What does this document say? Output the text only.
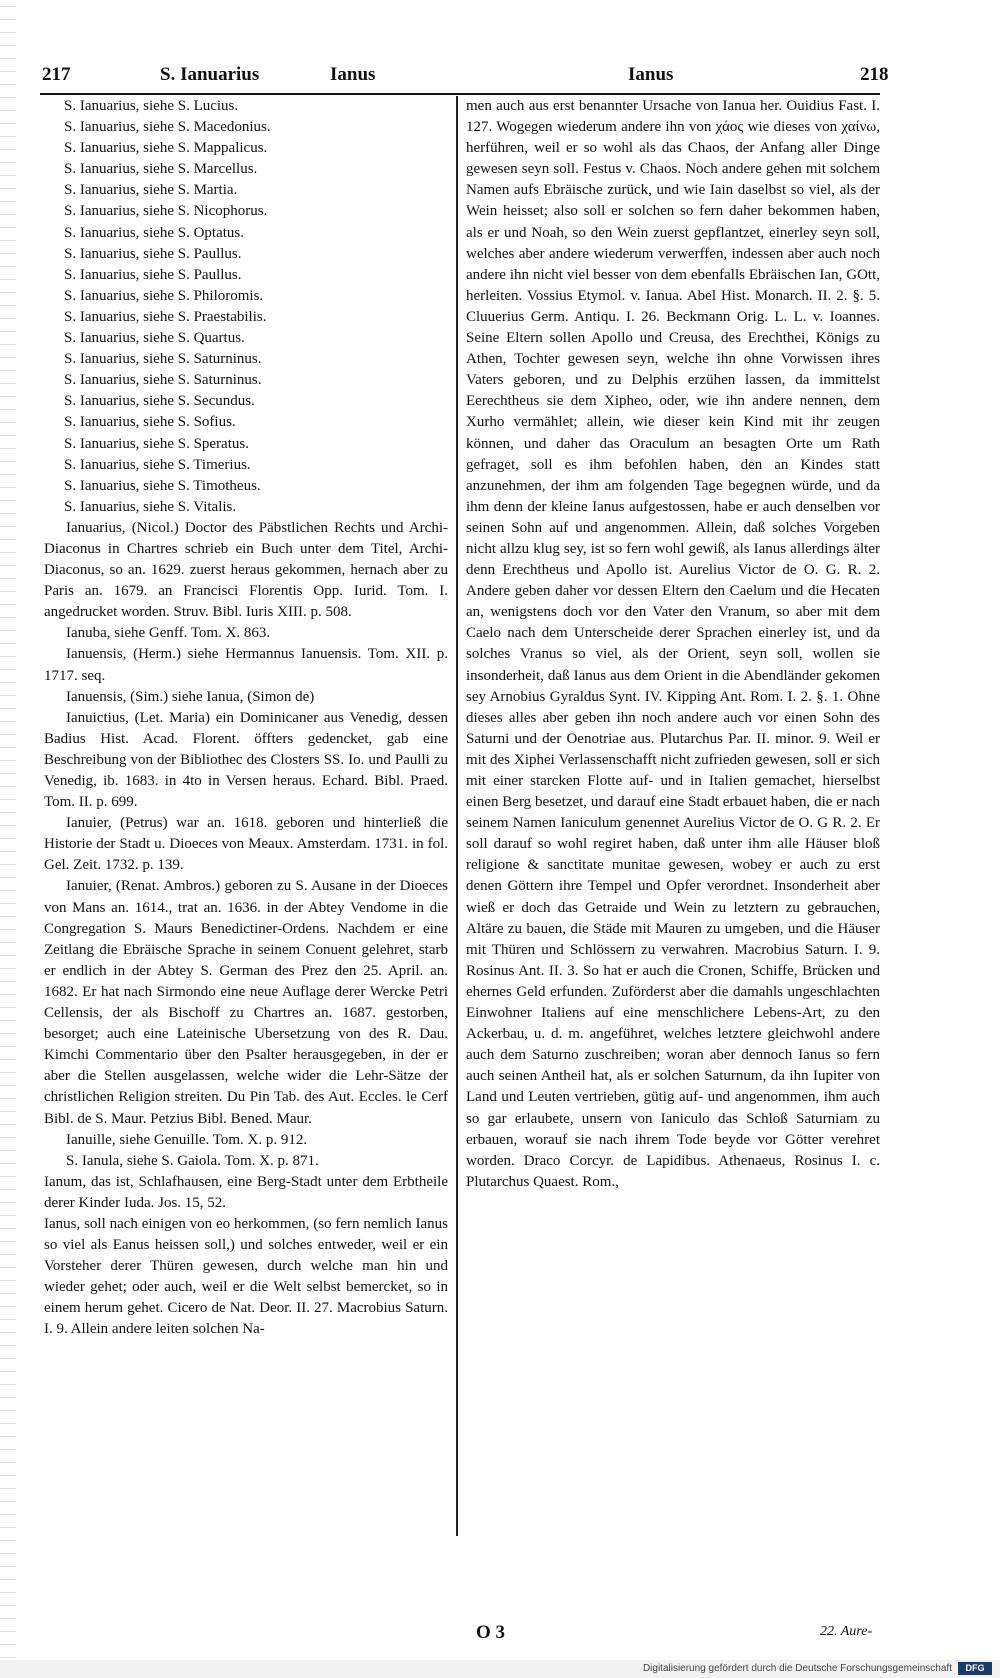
217	S. Ianuarius	Ianus	Ianus	218
S. Ianuarius, siehe S. Lucius.
S. Ianuarius, siehe S. Macedonius.
S. Ianuarius, siehe S. Mappalicus.
S. Ianuarius, siehe S. Marcellus.
S. Ianuarius, siehe S. Martia.
S. Ianuarius, siehe S. Nicophorus.
S. Ianuarius, siehe S. Optatus.
S. Ianuarius, siehe S. Paullus.
S. Ianuarius, siehe S. Paullus.
S. Ianuarius, siehe S. Philoromis.
S. Ianuarius, siehe S. Praestabilis.
S. Ianuarius, siehe S. Quartus.
S. Ianuarius, siehe S. Saturninus.
S. Ianuarius, siehe S. Saturninus.
S. Ianuarius, siehe S. Secundus.
S. Ianuarius, siehe S. Sofius.
S. Ianuarius, siehe S. Speratus.
S. Ianuarius, siehe S. Timerius.
S. Ianuarius, siehe S. Timotheus.
S. Ianuarius, siehe S. Vitalis.

Ianuarius, (Nicol.) Doctor des Päbstlichen Rechts und Archi-Diaconus in Chartres schrieb ein Buch unter dem Titel, Archi-Diaconus, so an. 1629. zuerst heraus gekommen, hernach aber zu Paris an. 1679. an Francisci Florentis Opp. Iurid. Tom. I. angedrucket worden. Struv. Bibl. Iuris XIII. p. 508.

Ianuba, siehe Genff. Tom. X. 863.

Ianuensis, (Herm.) siehe Hermannus Ianuensis. Tom. XII. p. 1717. seq.

Ianuensis, (Sim.) siehe Ianua, (Simon de)

Ianuictius, (Let. Maria) ein Dominicaner aus Venedig, dessen Badius Hist. Acad. Florent. öffters gedencket, gab eine Beschreibung von der Bibliothec des Closters SS. Io. und Paulli zu Venedig, ib. 1683. in 4to in Versen heraus. Echard. Bibl. Praed. Tom. II. p. 699.

Ianuier, (Petrus) war an. 1618. geboren und hinterließ die Historie der Stadt u. Dioeces von Meaux. Amsterdam. 1731. in fol. Gel. Zeit. 1732. p. 139.

Ianuier, (Renat. Ambros.) geboren zu S. Ausane in der Dioeces von Mans an. 1614., trat an. 1636. in der Abtey Vendome in die Congregation S. Maurs Benedictiner-Ordens. Nachdem er eine Zeitlang die Ebräische Sprache in seinem Conuent gelehret, starb er endlich in der Abtey S. German des Prez den 25. April. an. 1682. Er hat nach Sirmondo eine neue Auflage derer Wercke Petri Cellensis, der als Bischoff zu Chartres an. 1687. gestorben, besorget; auch eine Lateinische Ubersetzung von des R. Dau. Kimchi Commentario über den Psalter herausgegeben, in der er aber die Stellen ausgelassen, welche wider die Lehr-Sätze der christlichen Religion streiten. Du Pin Tab. des Aut. Eccles. le Cerf Bibl. de S. Maur. Petzius Bibl. Bened. Maur.

Ianuille, siehe Genuille. Tom. X. p. 912.

S. Ianula, siehe S. Gaiola. Tom. X. p. 871.

Ianum, das ist, Schlafhausen, eine Berg-Stadt unter dem Erbtheile derer Kinder Iuda. Jos. 15, 52.

Ianus, soll nach einigen von eo herkommen, (so fern nemlich Ianus so viel als Eanus heissen soll,) und solches entweder, weil er ein Vorsteher derer Thüren gewesen, durch welche man hin und wieder gehet; oder auch, weil er die Welt selbst bemercket, so in einem herum gehet. Cicero de Nat. Deor. II. 27. Macrobius Saturn. I. 9. Allein andere leiten solchen Na-

men auch aus erst benannter Ursache von Ianua her. Ouidius Fast. I. 127. Wogegen wiederum andere ihn von χάος wie dieses von χαίνω, herführen, weil er so wohl als das Chaos, der Anfang aller Dinge gewesen seyn soll. Festus v. Chaos. Noch andere gehen mit solchem Namen aufs Ebräische zurück, und wie Iain daselbst so viel, als der Wein heisset; also soll er solchen so fern daher bekommen haben, als er und Noah, so den Wein zuerst gepflantzet, einerley seyn soll, welches aber andere wiederum verwerffen, indessen aber auch noch andere ihn nicht viel besser von dem ebenfalls Ebräischen Ian, GOtt, herleiten. Vossius Etymol. v. Ianua. Abel Hist. Monarch. II. 2. §. 5. Cluuerius Germ. Antiqu. I. 26. Beckmann Orig. L. L. v. Ioannes. Seine Eltern sollen Apollo und Creusa, des Erechthei, Königs zu Athen, Tochter gewesen seyn, welche ihn ohne Vorwissen ihres Vaters geboren, und zu Delphis erzühen lassen, da immittelst Eerechtheus sie dem Xipheo, oder, wie ihn andere nennen, dem Xurho vermählet; allein, wie dieser kein Kind mit ihr zeugen können, und daher das Oraculum an besagten Orte um Rath gefraget, soll es ihm befohlen haben, den an Kindes statt anzunehmen, der ihm am folgenden Tage begegnen würde, und da ihm denn der kleine Ianus aufgestossen, habe er auch denselben vor seinen Sohn auf und angenommen. Allein, daß solches Vorgeben nicht allzu klug sey, ist so fern wohl gewiß, als Ianus allerdings älter denn Erechtheus und Apollo ist. Aurelius Victor de O. G. R. 2. Andere geben daher vor dessen Eltern den Caelum und die Hecaten an, wenigstens doch vor den Vater den Vranum, so aber mit dem Caelo nach dem Unterscheide derer Sprachen einerley ist, und da solches Vranus so viel, als der Orient, seyn soll, wollen sie insonderheit, daß Ianus aus dem Orient in die Abendländer gekomen sey Arnobius Gyraldus Synt. IV. Kipping Ant. Rom. I. 2. §. 1. Ohne dieses alles aber geben ihn noch andere auch vor einen Sohn des Saturni und der Oenotriae aus. Plutarchus Par. II. minor. 9. Weil er mit des Xiphei Verlassenschafft nicht zufrieden gewesen, soll er sich mit einer starcken Flotte auf- und in Italien gemachet, hierselbst einen Berg besetzet, und darauf eine Stadt erbauet haben, die er nach seinem Namen Ianiculum genennet Aurelius Victor de O. G R. 2. Er soll darauf so wohl regiret haben, daß unter ihm alle Häuser bloß religione & sanctitate munitae gewesen, wobey er auch zu erst denen Göttern ihre Tempel und Opfer verordnet. Insonderheit aber wieß er doch das Getraide und Wein zu letztern zu gebrauchen, Altäre zu bauen, die Städe mit Mauren zu umgeben, und die Häuser mit Thüren und Schlössern zu verwahren. Macrobius Saturn. I. 9. Rosinus Ant. II. 3. So hat er auch die Cronen, Schiffe, Brücken und ehernes Geld erfunden. Zuförderst aber die damahls ungeschlachten Einwohner Italiens auf eine menschlichere Lebens-Art, zu den Ackerbau, u. d. m. angeführet, welches letztere gleichwohl andere auch dem Saturno zuschreiben; woran aber dennoch Ianus so fern auch seinen Antheil hat, als er solchen Saturnum, da ihn Iupiter von Land und Leuten vertrieben, gütig auf- und angenommen, ihm auch so gar erlaubete, unsern von Ianiculo das Schloß Saturniam zu erbauen, worauf sie nach ihrem Tode beyde vor Götter verehret worden. Draco Corcyr. de Lapidibus. Athenaeus, Rosinus I. c. Plutarchus Quaest. Rom.,

O 3	22. Aure-
Digitalisierung gefördert durch die Deutsche Forschungsgemeinschaft	DFG
